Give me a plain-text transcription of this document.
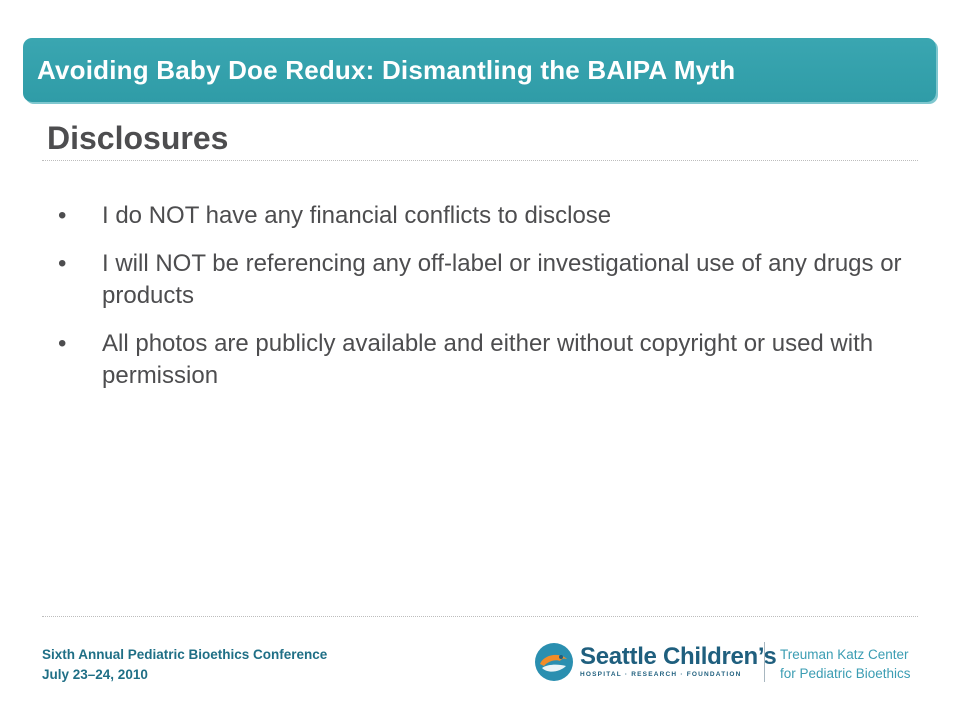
Avoiding Baby Doe Redux: Dismantling the BAIPA Myth
Disclosures
•	I do NOT have any financial conflicts to disclose
•	I will NOT be referencing any off-label or investigational use of any drugs or products
•	All photos are publicly available and either without copyright or used with permission
Sixth Annual Pediatric Bioethics Conference
July 23–24, 2010
Seattle Children’s
HOSPITAL · RESEARCH · FOUNDATION
Treuman Katz Center
for Pediatric Bioethics
